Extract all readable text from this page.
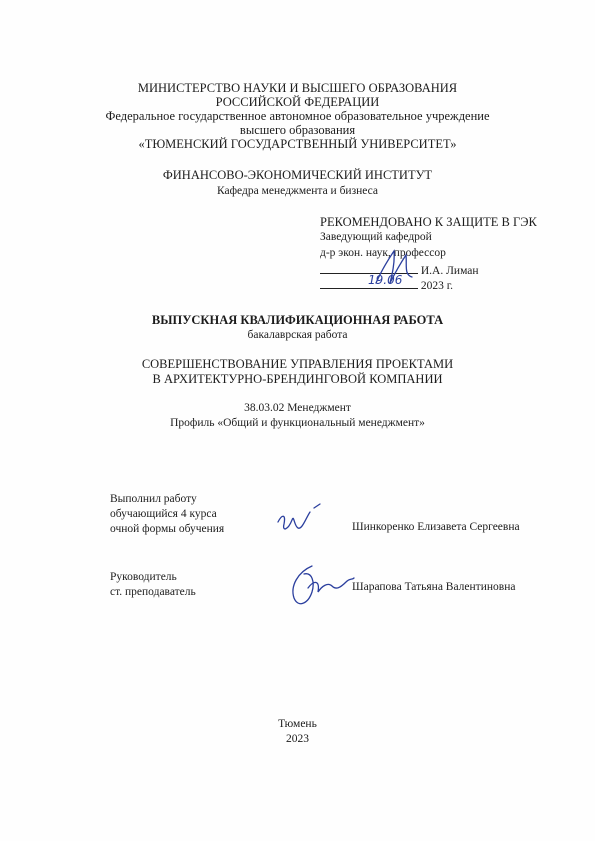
МИНИСТЕРСТВО НАУКИ И ВЫСШЕГО ОБРАЗОВАНИЯ
РОССИЙСКОЙ ФЕДЕРАЦИИ
Федеральное государственное автономное образовательное учреждение
высшего образования
«ТЮМЕНСКИЙ ГОСУДАРСТВЕННЫЙ УНИВЕРСИТЕТ»
ФИНАНСОВО-ЭКОНОМИЧЕСКИЙ ИНСТИТУТ
Кафедра менеджмента и бизнеса
РЕКОМЕНДОВАНО К ЗАЩИТЕ В ГЭК
Заведующий кафедрой
д-р экон. наук, профессор
И.А. Лиман
19.06 2023 г.
ВЫПУСКНАЯ КВАЛИФИКАЦИОННАЯ РАБОТА
бакалаврская работа
СОВЕРШЕНСТВОВАНИЕ УПРАВЛЕНИЯ ПРОЕКТАМИ
В АРХИТЕКТУРНО-БРЕНДИНГОВОЙ КОМПАНИИ
38.03.02 Менеджмент
Профиль «Общий и функциональный менеджмент»
Выполнил работу
обучающийся 4 курса
очной формы обучения	Шинкоренко Елизавета Сергеевна
Руководитель
ст. преподаватель	Шарапова Татьяна Валентиновна
Тюмень
2023
